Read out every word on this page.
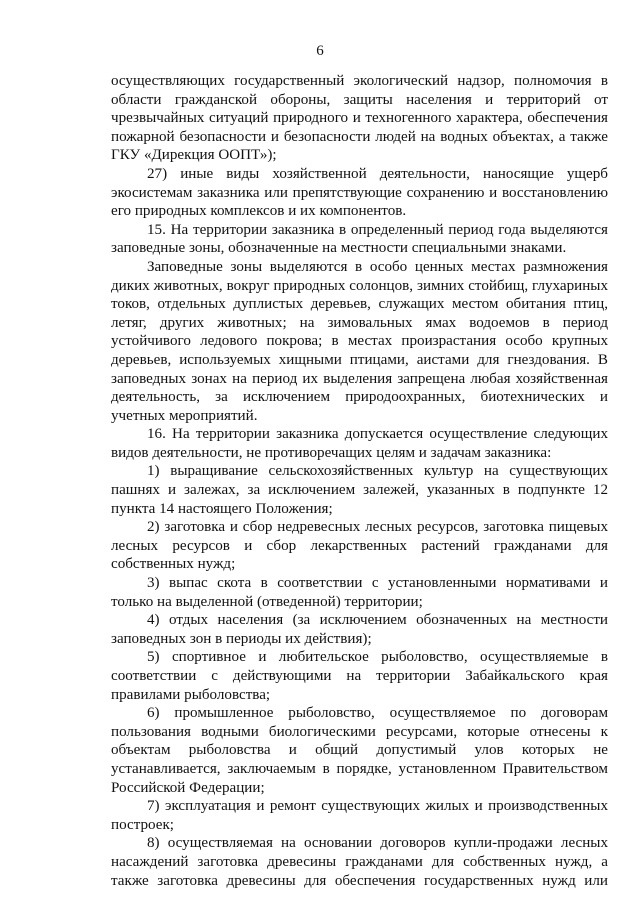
6

осуществляющих государственный экологический надзор, полномочия в области гражданской обороны, защиты населения и территорий от чрезвычайных ситуаций природного и техногенного характера, обеспечения пожарной безопасности и безопасности людей на водных объектах, а также ГКУ «Дирекция ООПТ»);

27) иные виды хозяйственной деятельности, наносящие ущерб экосистемам заказника или препятствующие сохранению и восстановлению его природных комплексов и их компонентов.

15. На территории заказника в определенный период года выделяются заповедные зоны, обозначенные на местности специальными знаками.

Заповедные зоны выделяются в особо ценных местах размножения диких животных, вокруг природных солонцов, зимних стойбищ, глухариных токов, отдельных дуплистых деревьев, служащих местом обитания птиц, летяг, других животных; на зимовальных ямах водоемов в период устойчивого ледового покрова; в местах произрастания особо крупных деревьев, используемых хищными птицами, аистами для гнездования. В заповедных зонах на период их выделения запрещена любая хозяйственная деятельность, за исключением природоохранных, биотехнических и учетных мероприятий.

16. На территории заказника допускается осуществление следующих видов деятельности, не противоречащих целям и задачам заказника:

1) выращивание сельскохозяйственных культур на существующих пашнях и залежах, за исключением залежей, указанных в подпункте 12 пункта 14 настоящего Положения;

2) заготовка и сбор недревесных лесных ресурсов, заготовка пищевых лесных ресурсов и сбор лекарственных растений гражданами для собственных нужд;

3) выпас скота в соответствии с установленными нормативами и только на выделенной (отведенной) территории;

4) отдых населения (за исключением обозначенных на местности заповедных зон в периоды их действия);

5) спортивное и любительское рыболовство, осуществляемые в соответствии с действующими на территории Забайкальского края правилами рыболовства;

6) промышленное рыболовство, осуществляемое по договорам пользования водными биологическими ресурсами, которые отнесены к объектам рыболовства и общий допустимый улов которых не устанавливается, заключаемым в порядке, установленном Правительством Российской Федерации;

7) эксплуатация и ремонт существующих жилых и производственных построек;

8) осуществляемая на основании договоров купли-продажи лесных насаждений заготовка древесины гражданами для собственных нужд, а также заготовка древесины для обеспечения государственных нужд или
